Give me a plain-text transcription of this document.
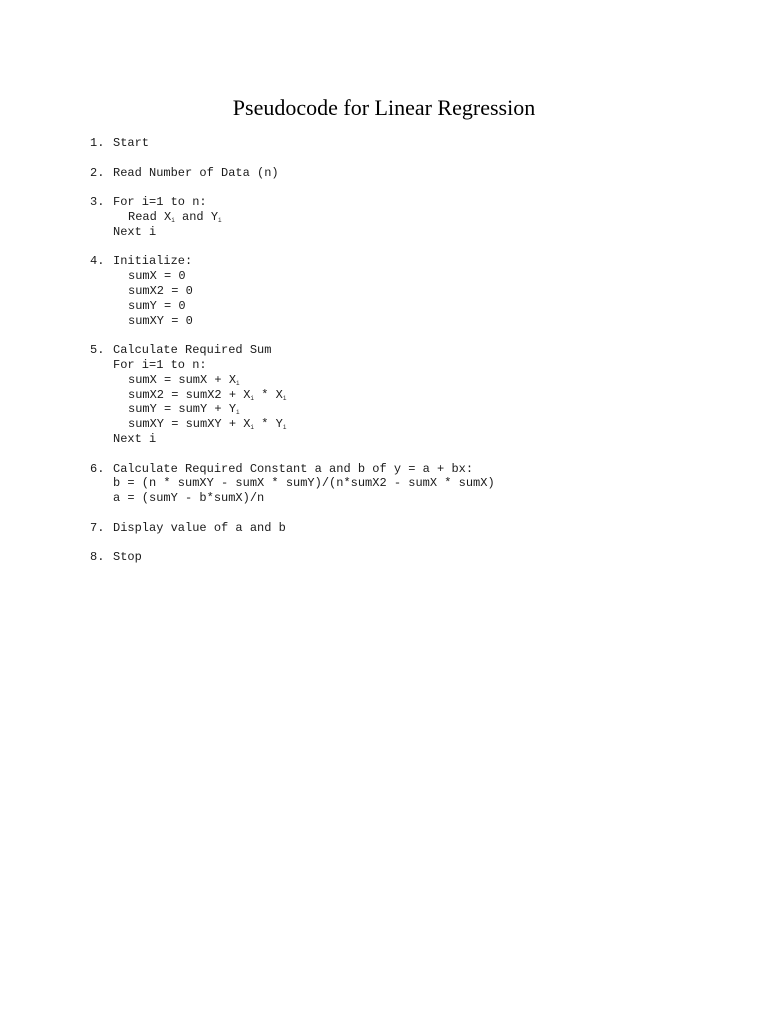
Pseudocode for Linear Regression
1. Start
2. Read Number of Data (n)
3. For i=1 to n:
Read $X_i$ and $Y_i$
Next i
4. Initialize:
sumX = 0
sumX2 = 0
sumY = 0
sumXY = 0
5. Calculate Required Sum
For i=1 to n:
sumX = sumX + $X_i$
sumX2 = sumX2 + $X_i * X_i$
sumY = sumY + $Y_i$
sumXY = sumXY + $X_i * Y_i$
Next i
6. Calculate Required Constant a and b of y = a + bx:
b = (n * sumXY - sumX * sumY)/(n*sumX2 - sumX * sumX)
a = (sumY - b*sumX)/n
7. Display value of a and b
8. Stop
